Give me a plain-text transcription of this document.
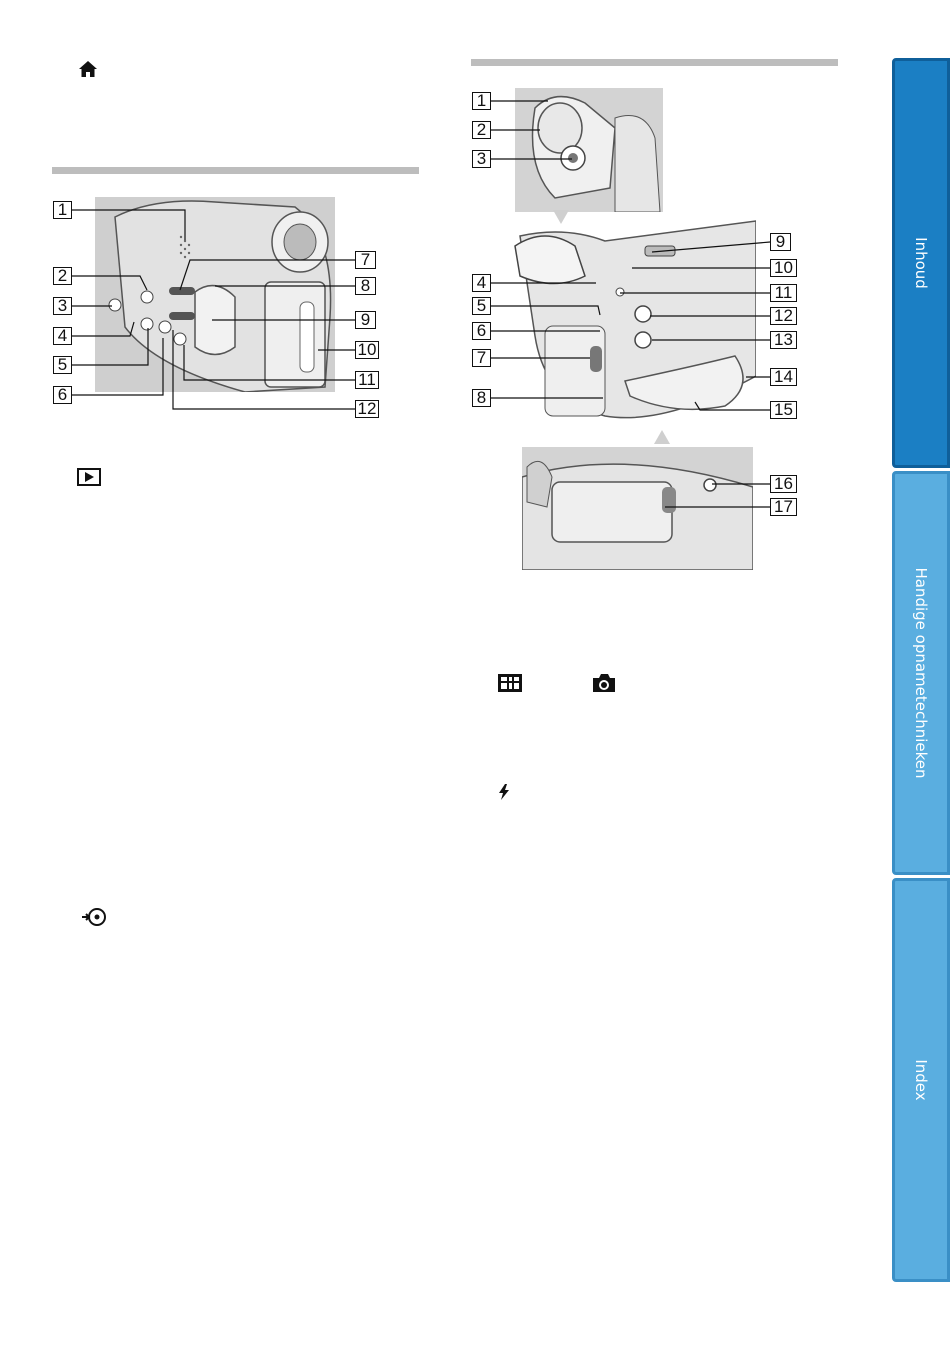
1
2
3
4
5
6
7
8
9
10
11
12
1
2
3
4
5
6
7
8
9
10
11
12
13
14
15
16
17
Inhoud
Handige opnametechnieken
Index
